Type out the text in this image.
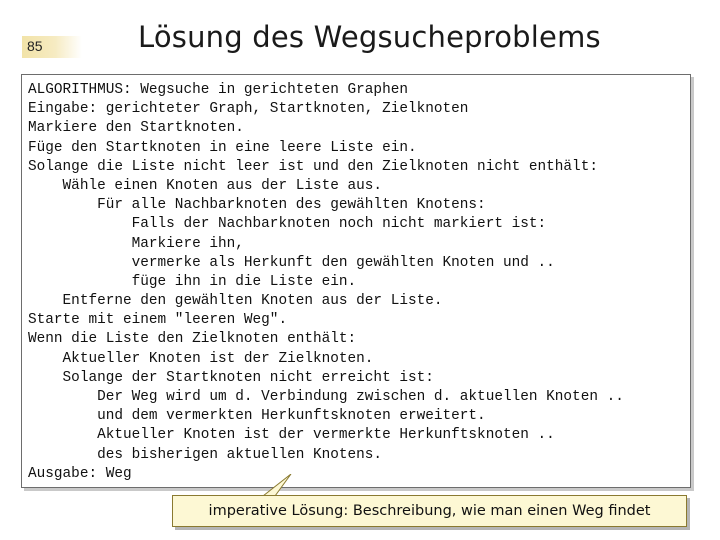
85	Lösung des Wegsucheproblems
ALGORITHMUS: Wegsuche in gerichteten Graphen
Eingabe: gerichteter Graph, Startknoten, Zielknoten
Markiere den Startknoten.
Füge den Startknoten in eine leere Liste ein.
Solange die Liste nicht leer ist und den Zielknoten nicht enthält:
Wähle einen Knoten aus der Liste aus.
Für alle Nachbarknoten des gewählten Knotens:
Falls der Nachbarknoten noch nicht markiert ist:
Markiere ihn,
vermerke als Herkunft den gewählten Knoten und ..
füge ihn in die Liste ein.
Entferne den gewählten Knoten aus der Liste.
Starte mit einem "leeren Weg".
Wenn die Liste den Zielknoten enthält:
Aktueller Knoten ist der Zielknoten.
Solange der Startknoten nicht erreicht ist:
Der Weg wird um d. Verbindung zwischen d. aktuellen Knoten ..
und dem vermerkten Herkunftsknoten erweitert.
Aktueller Knoten ist der vermerkte Herkunftsknoten ..
des bisherigen aktuellen Knotens.
Ausgabe: Weg
imperative Lösung: Beschreibung, wie man einen Weg findet
